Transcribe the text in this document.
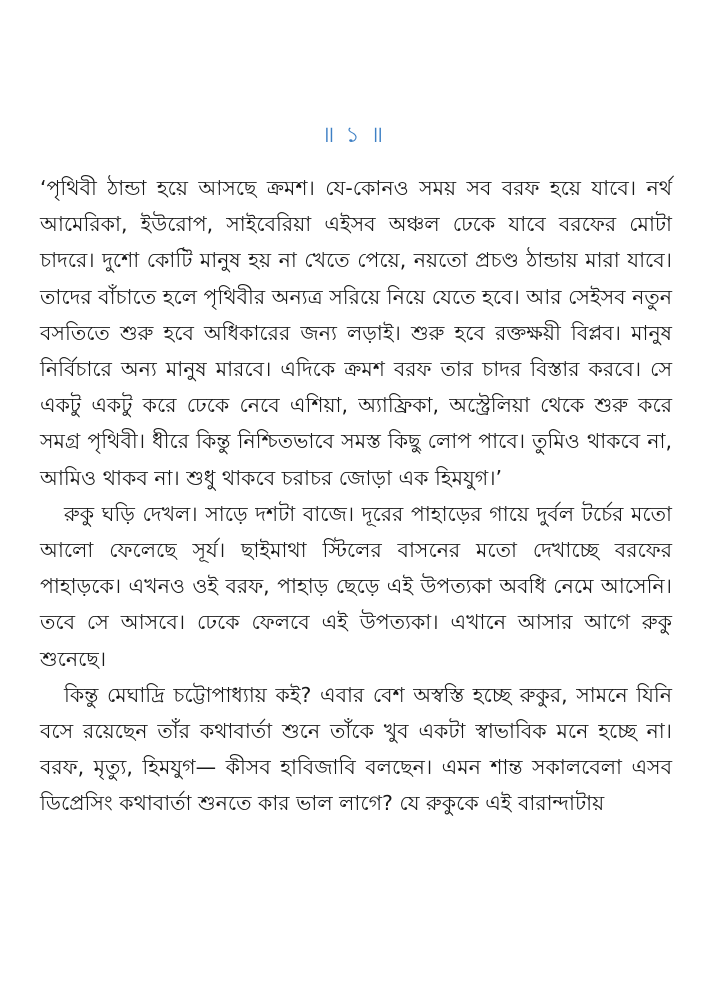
॥ ১ ॥

‘পৃথিবী ঠান্ডা হয়ে আসছে ক্রমশ। যে-কোনও সময় সব বরফ হয়ে যাবে। নর্থ আমেরিকা, ইউরোপ, সাইবেরিয়া এইসব অঞ্চল ঢেকে যাবে বরফের মোটা চাদরে। দুশো কোটি মানুষ হয় না খেতে পেয়ে, নয়তো প্রচণ্ড ঠান্ডায় মারা যাবে। তাদের বাঁচাতে হলে পৃথিবীর অন্যত্র সরিয়ে নিয়ে যেতে হবে। আর সেইসব নতুন বসতিতে শুরু হবে অধিকারের জন্য লড়াই। শুরু হবে রক্তক্ষয়ী বিপ্লব। মানুষ নির্বিচারে অন্য মানুষ মারবে। এদিকে ক্রমশ বরফ তার চাদর বিস্তার করবে। সে একটু একটু করে ঢেকে নেবে এশিয়া, অ্যাফ্রিকা, অস্ট্রেলিয়া থেকে শুরু করে সমগ্র পৃথিবী। ধীরে কিন্তু নিশ্চিতভাবে সমস্ত কিছু লোপ পাবে। তুমিও থাকবে না, আমিও থাকব না। শুধু থাকবে চরাচর জোড়া এক হিমযুগ।’

রুকু ঘড়ি দেখল। সাড়ে দশটা বাজে। দূরের পাহাড়ের গায়ে দুর্বল টর্চের মতো আলো ফেলেছে সূর্য। ছাইমাথা স্টিলের বাসনের মতো দেখাচ্ছে বরফের পাহাড়কে। এখনও ওই বরফ, পাহাড় ছেড়ে এই উপত্যকা অবধি নেমে আসেনি। তবে সে আসবে। ঢেকে ফেলবে এই উপত্যকা। এখানে আসার আগে রুকু শুনেছে।

কিন্তু মেঘাদ্রি চট্টোপাধ্যায় কই? এবার বেশ অস্বস্তি হচ্ছে রুকুর, সামনে যিনি বসে রয়েছেন তাঁর কথাবার্তা শুনে তাঁকে খুব একটা স্বাভাবিক মনে হচ্ছে না। বরফ, মৃত্যু, হিমযুগ— কীসব হাবিজাবি বলছেন। এমন শান্ত সকালবেলা এসব ডিপ্রেসিং কথাবার্তা শুনতে কার ভাল লাগে? যে রুকুকে এই বারান্দাটায়
